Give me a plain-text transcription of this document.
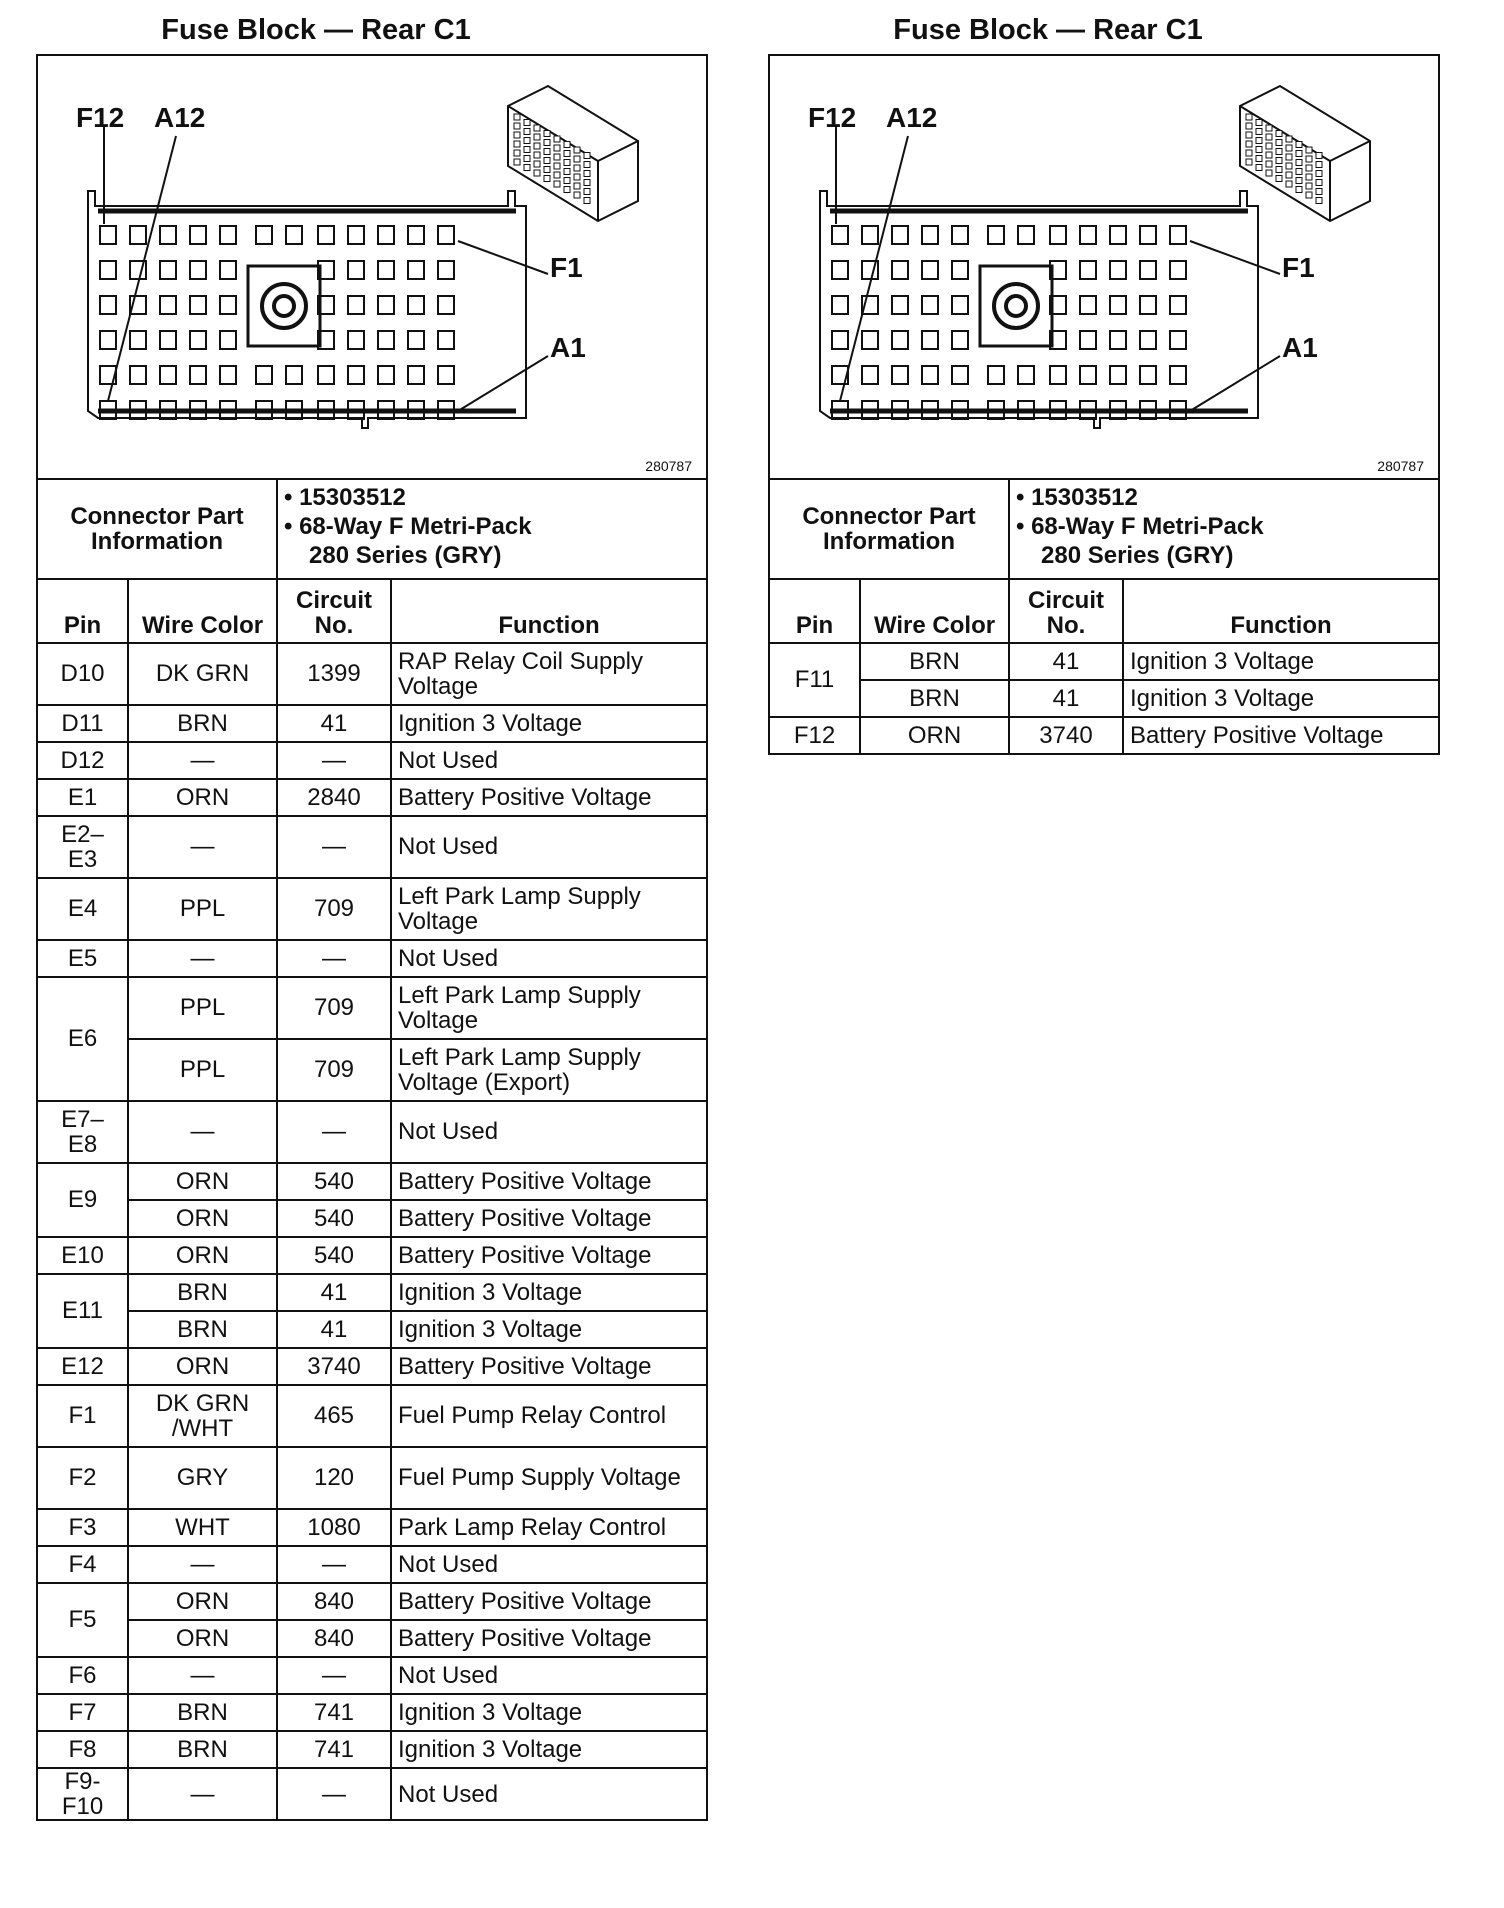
Fuse Block — Rear C1
F12 A12
F1
A1
280787
Connector Part Information	
• 15303512
• 68-Way F Metri-Pack
280 Series (GRY)
Pin	Wire Color	Circuit No.	Function
D10	DK GRN	1399	RAP Relay Coil Supply Voltage
D11	BRN	41	Ignition 3 Voltage
D12	—	—	Not Used
E1	ORN	2840	Battery Positive Voltage
E2– E3	—	—	Not Used
E4	PPL	709	Left Park Lamp Supply Voltage
E5	—	—	Not Used
E6	PPL	709	Left Park Lamp Supply Voltage
	PPL	709	Left Park Lamp Supply Voltage (Export)
E7– E8	—	—	Not Used
E9	ORN	540	Battery Positive Voltage
	ORN	540	Battery Positive Voltage
E10	ORN	540	Battery Positive Voltage
E11	BRN	41	Ignition 3 Voltage
	BRN	41	Ignition 3 Voltage
E12	ORN	3740	Battery Positive Voltage
F1	DK GRN /WHT	465	Fuel Pump Relay Control
F2	GRY	120	Fuel Pump Supply Voltage
F3	WHT	1080	Park Lamp Relay Control
F4	—	—	Not Used
F5	ORN	840	Battery Positive Voltage
	ORN	840	Battery Positive Voltage
F6	—	—	Not Used
F7	BRN	741	Ignition 3 Voltage
F8	BRN	741	Ignition 3 Voltage
F9-F10	—	—	Not Used
Fuse Block — Rear C1
F12 A12
F1
A1
280787
Connector Part Information	
• 15303512
• 68-Way F Metri-Pack
280 Series (GRY)
Pin	Wire Color	Circuit No.	Function
F11	BRN	41	Ignition 3 Voltage
	BRN	41	Ignition 3 Voltage
F12	ORN	3740	Battery Positive Voltage
